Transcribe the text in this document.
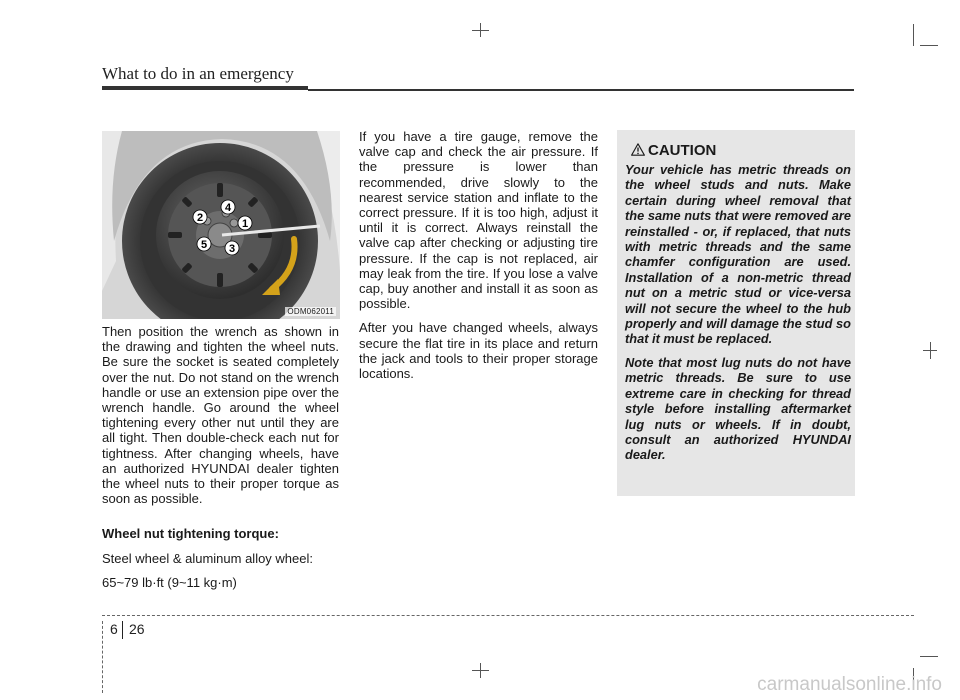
What to do in an emergency
1
2
3
4
5
ODM062011

Then position the wrench as shown in the drawing and tighten the wheel nuts. Be sure the socket is seated completely over the nut. Do not stand on the wrench handle or use an extension pipe over the wrench handle. Go around the wheel tightening every other nut until they are all tight. Then double-check each nut for tightness. After changing wheels, have an authorized HYUNDAI dealer tighten the wheel nuts to their proper torque as soon as possible.

Wheel nut tightening torque:

Steel wheel & aluminum alloy wheel:

65~79 lb·ft (9~11 kg·m)

If you have a tire gauge, remove the valve cap and check the air pressure. If the pressure is lower than recommended, drive slowly to the nearest service station and inflate to the correct pressure. If it is too high, adjust it until it is correct. Always reinstall the valve cap after checking or adjusting tire pressure. If the cap is not replaced, air may leak from the tire. If you lose a valve cap, buy another and install it as soon as possible.

After you have changed wheels, always secure the flat tire in its place and return the jack and tools to their proper storage locations.

CAUTION

Your vehicle has metric threads on the wheel studs and nuts. Make certain during wheel removal that the same nuts that were removed are reinstalled - or, if replaced, that nuts with metric threads and the same chamfer configuration are used. Installation of a non-metric thread nut on a metric stud or vice-versa will not secure the wheel to the hub properly and will damage the stud so that it must be replaced.

Note that most lug nuts do not have metric threads. Be sure to use extreme care in checking for thread style before installing aftermarket lug nuts or wheels. If in doubt, consult an authorized HYUNDAI dealer.

6 26
carmanualsonline.info
